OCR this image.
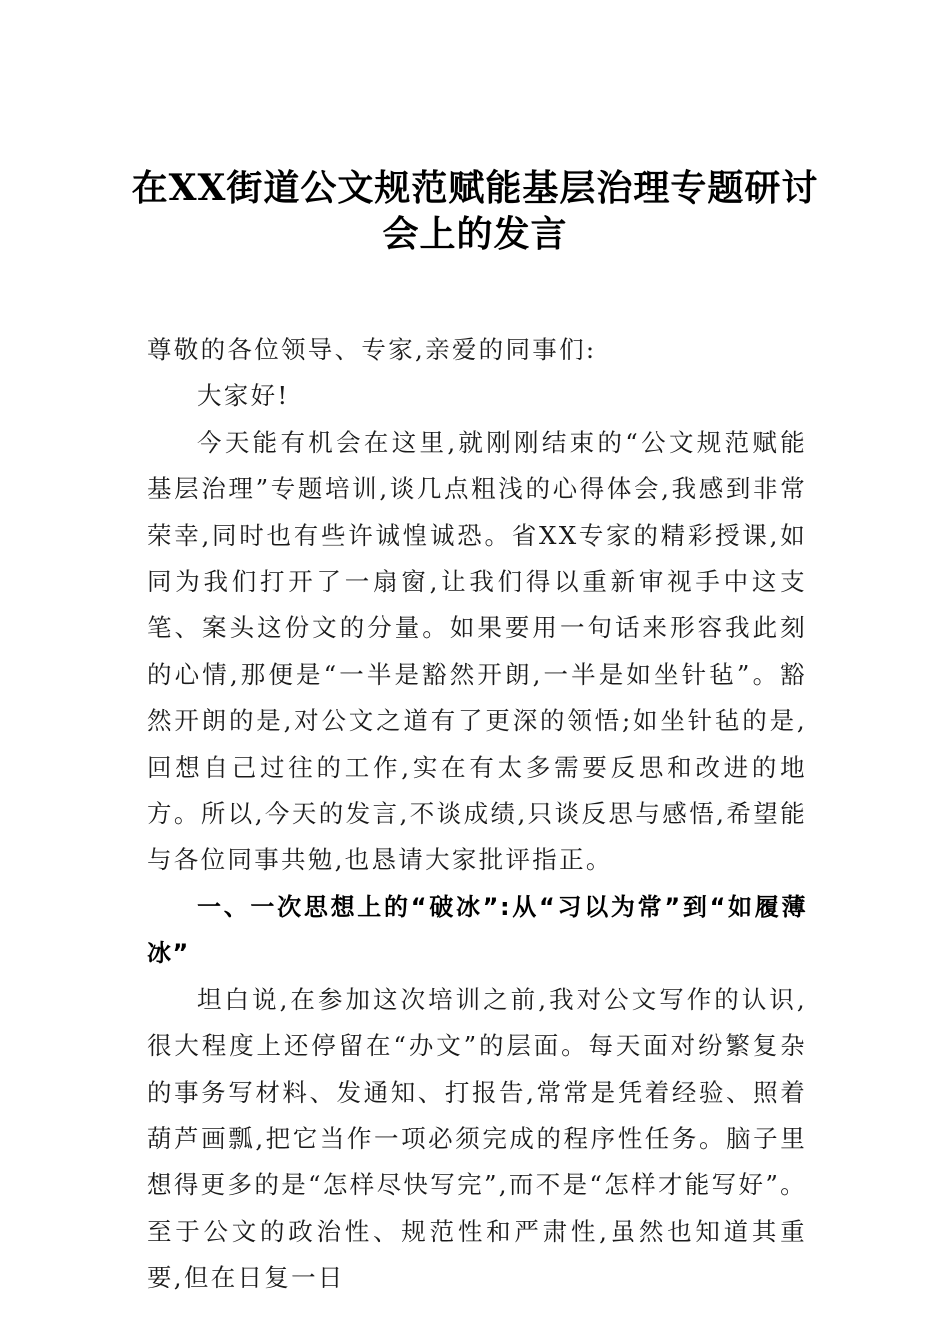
在XX街道公文规范赋能基层治理专题研讨
会上的发言

尊敬的各位领导、专家,亲爱的同事们:

大家好!

今天能有机会在这里,就刚刚结束的“公文规范赋能基层治理”专题培训,谈几点粗浅的心得体会,我感到非常荣幸,同时也有些许诚惶诚恐。省XX专家的精彩授课,如同为我们打开了一扇窗,让我们得以重新审视手中这支笔、案头这份文的分量。如果要用一句话来形容我此刻的心情,那便是“一半是豁然开朗,一半是如坐针毡”。豁然开朗的是,对公文之道有了更深的领悟;如坐针毡的是,回想自己过往的工作,实在有太多需要反思和改进的地方。所以,今天的发言,不谈成绩,只谈反思与感悟,希望能与各位同事共勉,也恳请大家批评指正。

一、一次思想上的“破冰”:从“习以为常”到“如履薄冰”

坦白说,在参加这次培训之前,我对公文写作的认识,很大程度上还停留在“办文”的层面。每天面对纷繁复杂的事务写材料、发通知、打报告,常常是凭着经验、照着葫芦画瓢,把它当作一项必须完成的程序性任务。脑子里想得更多的是“怎样尽快写完”,而不是“怎样才能写好”。至于公文的政治性、规范性和严肃性,虽然也知道其重要,但在日复一日
